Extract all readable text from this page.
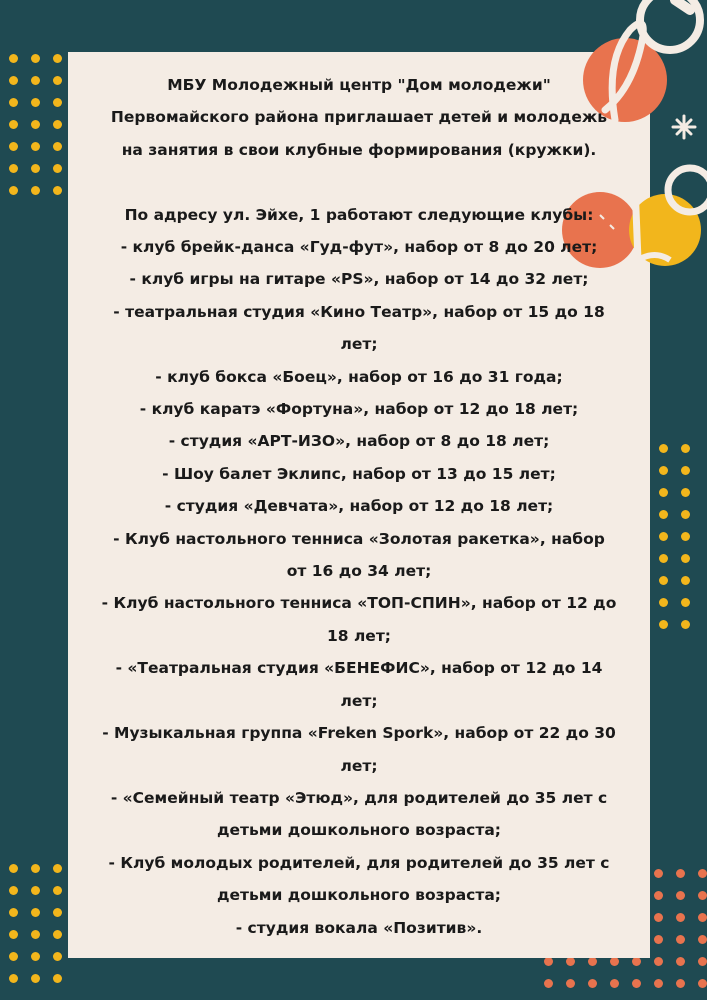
МБУ Молодежный центр "Дом молодежи"

Первомайского района приглашает детей и молодежь

на занятия в свои клубные формирования (кружки).

По адресу ул. Эйхе, 1 работают следующие клубы:

- клуб брейк-данса «Гуд-фут», набор от 8 до 20 лет;

- клуб игры на гитаре «PS», набор от 14 до 32 лет;

- театральная студия «Кино Театр», набор от 15 до 18

лет;

- клуб бокса «Боец», набор от 16 до 31 года;

- клуб каратэ «Фортуна», набор от 12 до 18 лет;

- студия «АРТ-ИЗО», набор от 8 до 18 лет;

- Шоу балет Эклипс, набор от 13 до 15 лет;

- студия «Девчата», набор от 12 до 18 лет;

- Клуб настольного тенниса «Золотая ракетка», набор

от 16 до 34 лет;

- Клуб настольного тенниса «ТОП-СПИН», набор от 12 до

18 лет;

- «Театральная студия «БЕНЕФИС», набор от 12 до 14

лет;

- Музыкальная группа «Freken Spork», набор от 22 до 30

лет;

- «Семейный театр «Этюд», для родителей до 35 лет с

детьми дошкольного возраста;

- Клуб молодых родителей, для родителей до 35 лет с

детьми дошкольного возраста;

- студия вокала «Позитив».
